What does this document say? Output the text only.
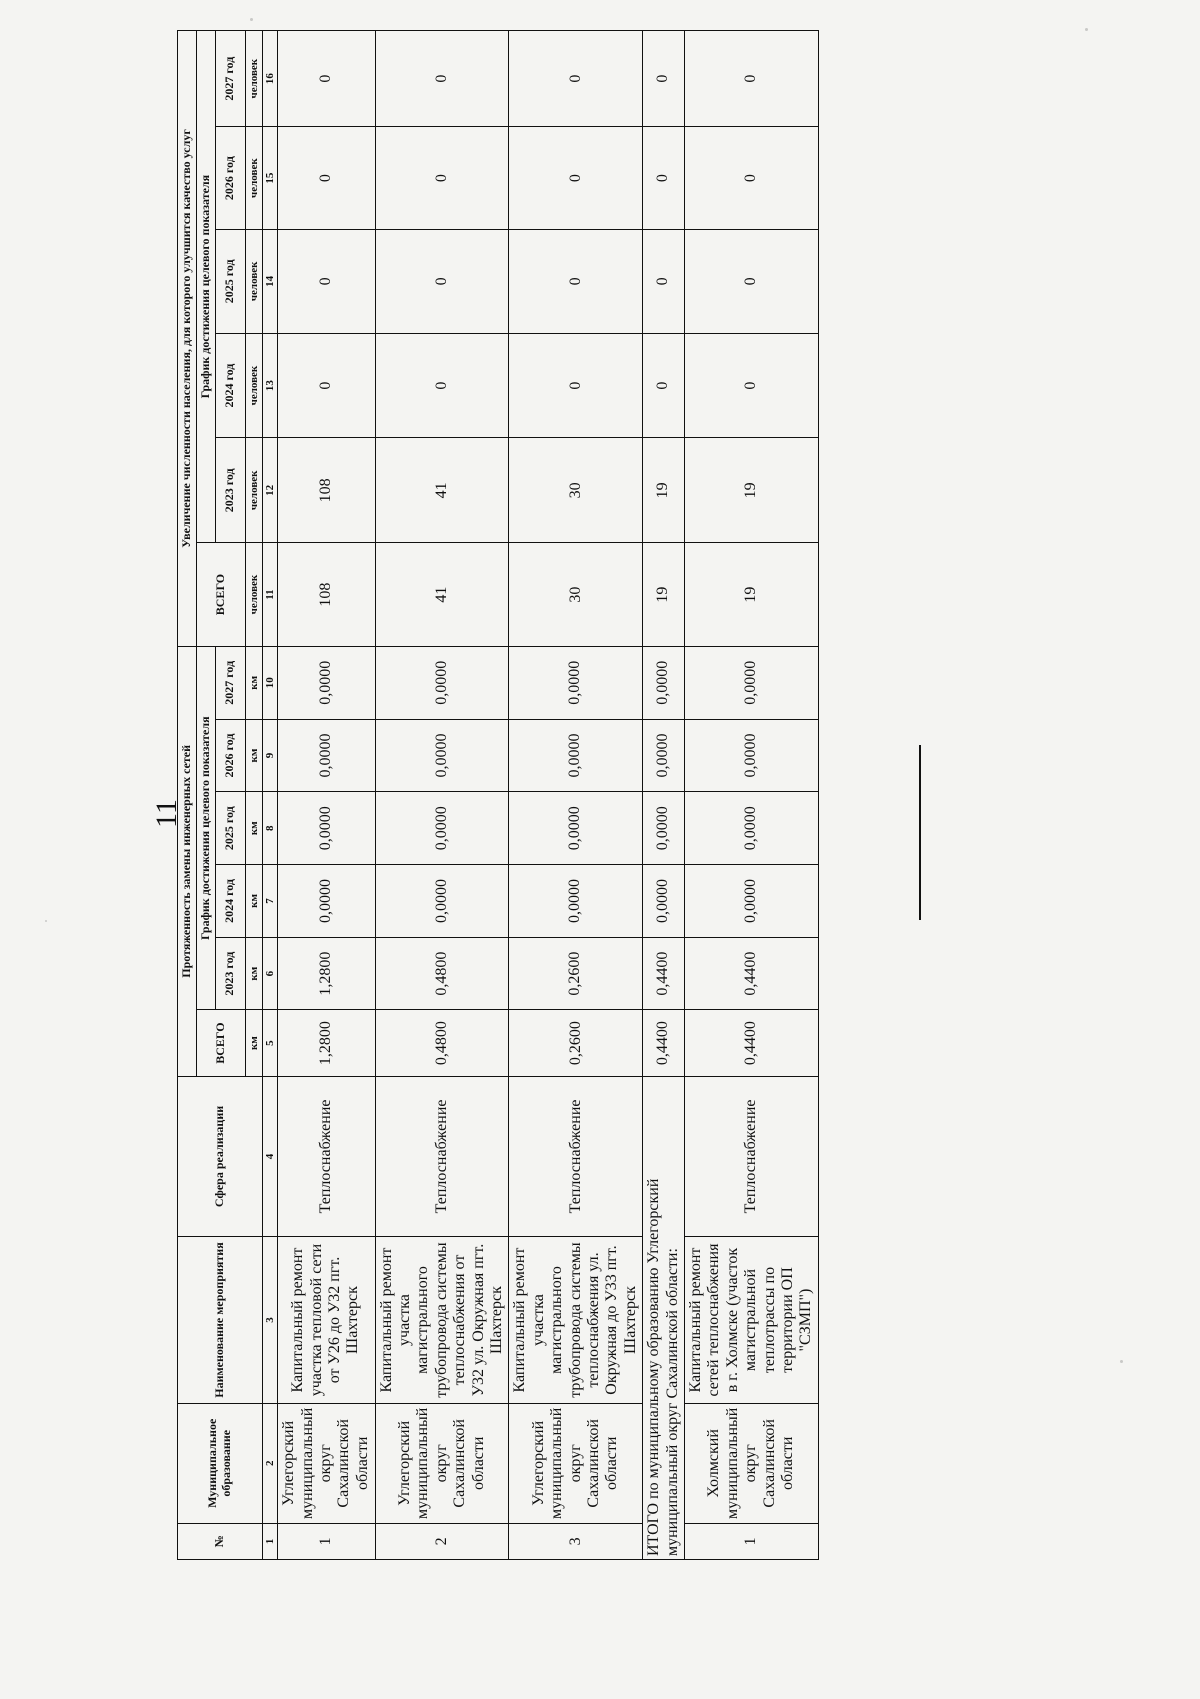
11
№	Муниципальное образование	Наименование мероприятия	Сфера реализации	Протяженность замены инженерных сетей						Увеличение численности населения, для которого улучшится качество услуг					
				ВСЕГО	График достижения целевого показателя					ВСЕГО	График достижения целевого показателя				
					2023 год	2024 год	2025 год	2026 год	2027 год		2023 год	2024 год	2025 год	2026 год	2027 год
				км	км	км	км	км	км	человек	человек	человек	человек	человек	человек
1	2	3	4	5	6	7	8	9	10	11	12	13	14	15	16
1	Углегорский муниципальный округ Сахалинской области	Капитальный ремонт участка тепловой сети от У26 до У32 пгт. Шахтерск	Теплоснабжение	1,2800	1,2800	0,0000	0,0000	0,0000	0,0000	108	108	0	0	0	0
2	Углегорский муниципальный округ Сахалинской области	Капитальный ремонт участка магистрального трубопровода системы теплоснабжения от У32 ул. Окружная пгт. Шахтерск	Теплоснабжение	0,4800	0,4800	0,0000	0,0000	0,0000	0,0000	41	41	0	0	0	0
3	Углегорский муниципальный округ Сахалинской области	Капитальный ремонт участка магистрального трубопровода системы теплоснабжения ул. Окружная до У33 пгт. Шахтерск	Теплоснабжение	0,2600	0,2600	0,0000	0,0000	0,0000	0,0000	30	30	0	0	0	0
ИТОГО по муниципальному образованию Углегорский муниципальный округ Сахалинской области:				0,4400	0,4400	0,0000	0,0000	0,0000	0,0000	19	19	0	0	0	0
1	Холмский муниципальный округ Сахалинской области	Капитальный ремонт сетей теплоснабжения в г. Холмске (участок магистральной теплотрассы по территории ОП "СЗМП")	Теплоснабжение	0,4400	0,4400	0,0000	0,0000	0,0000	0,0000	19	19	0	0	0	0
